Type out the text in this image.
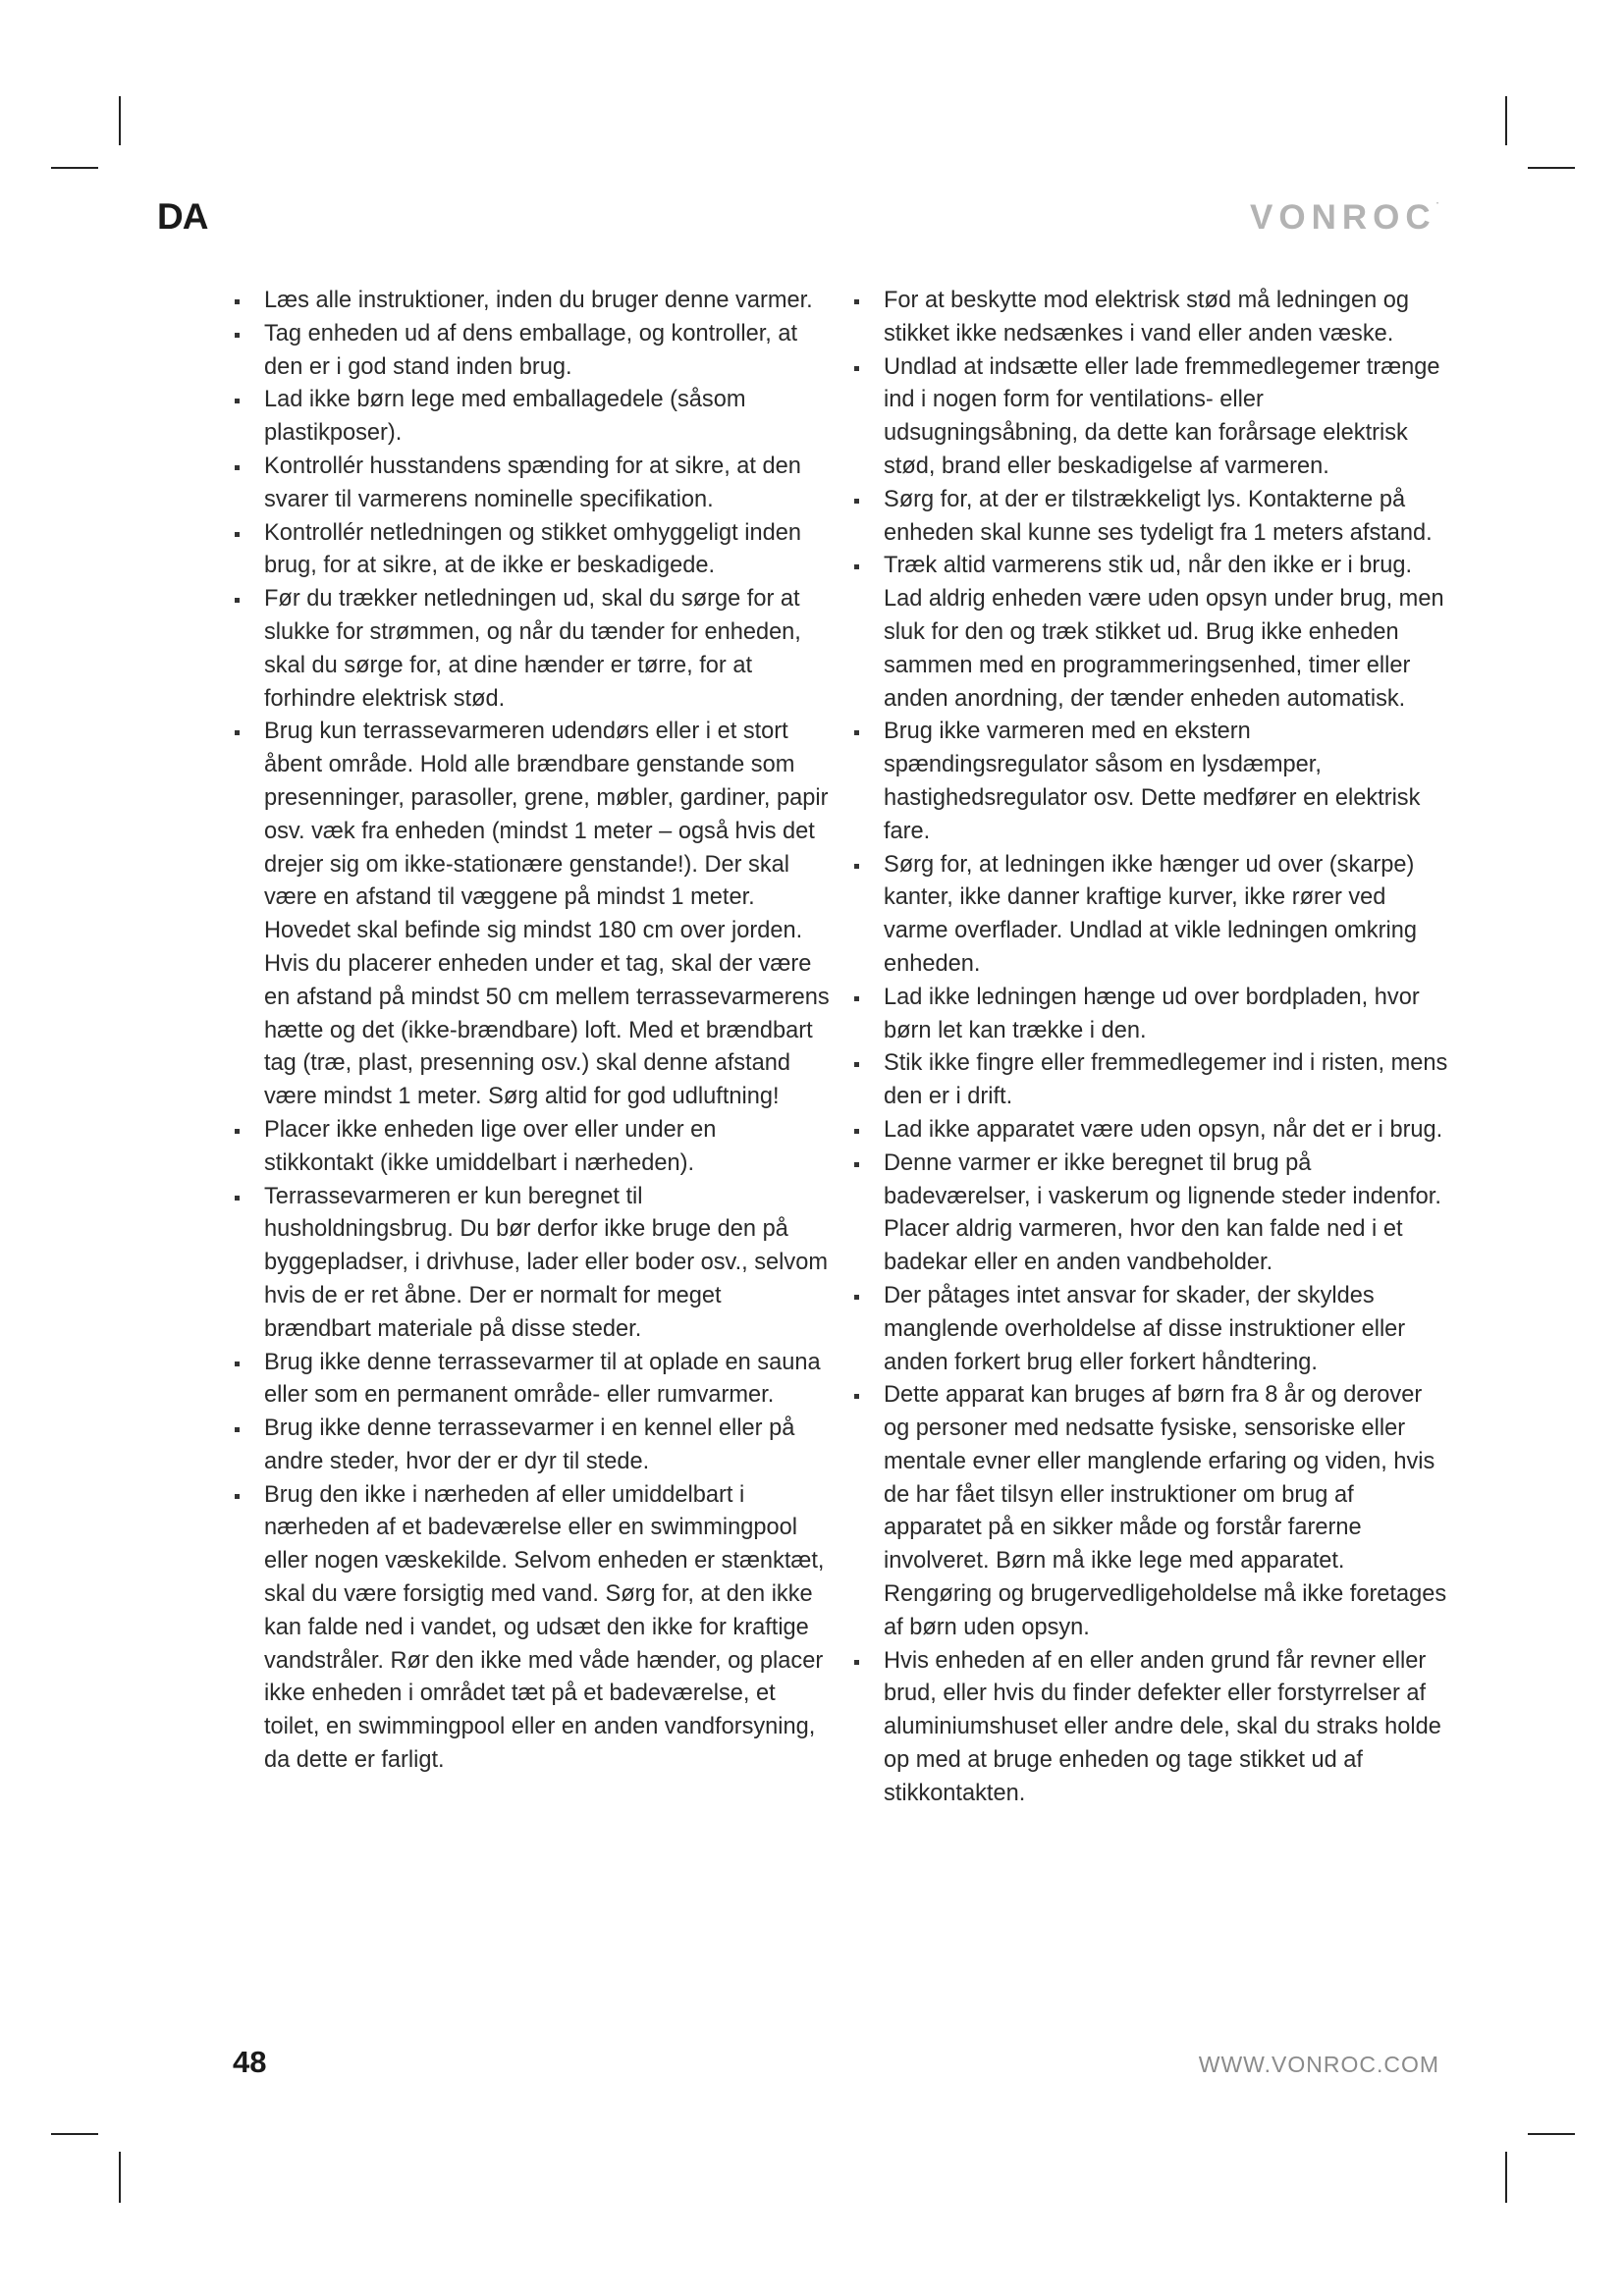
DA	VONROC·
Læs alle instruktioner, inden du bruger denne varmer.
Tag enheden ud af dens emballage, og kontroller, at den er i god stand inden brug.
Lad ikke børn lege med emballagedele (såsom plastikposer).
Kontrollér husstandens spænding for at sikre, at den svarer til varmerens nominelle specifikation.
Kontrollér netledningen og stikket omhyggeligt inden brug, for at sikre, at de ikke er beskadigede.
Før du trækker netledningen ud, skal du sørge for at slukke for strømmen, og når du tænder for enheden, skal du sørge for, at dine hænder er tørre, for at forhindre elektrisk stød.
Brug kun terrassevarmeren udendørs eller i et stort åbent område. Hold alle brændbare genstande som presenninger, parasoller, grene, møbler, gardiner, papir osv. væk fra enheden (mindst 1 meter – også hvis det drejer sig om ikke-stationære genstande!). Der skal være en afstand til væggene på mindst 1 meter. Hovedet skal befinde sig mindst 180 cm over jorden. Hvis du placerer enheden under et tag, skal der være en afstand på mindst 50 cm mellem terrassevarmerens hætte og det (ikke-brændbare) loft. Med et brændbart tag (træ, plast, presenning osv.) skal denne afstand være mindst 1 meter. Sørg altid for god udluftning!
Placer ikke enheden lige over eller under en stikkontakt (ikke umiddelbart i nærheden).
Terrassevarmeren er kun beregnet til husholdningsbrug. Du bør derfor ikke bruge den på byggepladser, i drivhuse, lader eller boder osv., selvom hvis de er ret åbne. Der er normalt for meget brændbart materiale på disse steder.
Brug ikke denne terrassevarmer til at oplade en sauna eller som en permanent område- eller rumvarmer.
Brug ikke denne terrassevarmer i en kennel eller på andre steder, hvor der er dyr til stede.
Brug den ikke i nærheden af eller umiddelbart i nærheden af et badeværelse eller en swimmingpool eller nogen væskekilde. Selvom enheden er stænktæt, skal du være forsigtig med vand. Sørg for, at den ikke kan falde ned i vandet, og udsæt den ikke for kraftige vandstråler. Rør den ikke med våde hænder, og placer ikke enheden i området tæt på et badeværelse, et toilet, en swimmingpool eller en anden vandforsyning, da dette er farligt.
For at beskytte mod elektrisk stød må ledningen og stikket ikke nedsænkes i vand eller anden væske.
Undlad at indsætte eller lade fremmedlegemer trænge ind i nogen form for ventilations- eller udsugningsåbning, da dette kan forårsage elektrisk stød, brand eller beskadigelse af varmeren.
Sørg for, at der er tilstrækkeligt lys. Kontakterne på enheden skal kunne ses tydeligt fra 1 meters afstand.
Træk altid varmerens stik ud, når den ikke er i brug. Lad aldrig enheden være uden opsyn under brug, men sluk for den og træk stikket ud. Brug ikke enheden sammen med en programmeringsenhed, timer eller anden anordning, der tænder enheden automatisk.
Brug ikke varmeren med en ekstern spændingsregulator såsom en lysdæmper, hastighedsregulator osv. Dette medfører en elektrisk fare.
Sørg for, at ledningen ikke hænger ud over (skarpe) kanter, ikke danner kraftige kurver, ikke rører ved varme overflader. Undlad at vikle ledningen omkring enheden.
Lad ikke ledningen hænge ud over bordpladen, hvor børn let kan trække i den.
Stik ikke fingre eller fremmedlegemer ind i risten, mens den er i drift.
Lad ikke apparatet være uden opsyn, når det er i brug.
Denne varmer er ikke beregnet til brug på badeværelser, i vaskerum og lignende steder indenfor. Placer aldrig varmeren, hvor den kan falde ned i et badekar eller en anden vandbeholder.
Der påtages intet ansvar for skader, der skyldes manglende overholdelse af disse instruktioner eller anden forkert brug eller forkert håndtering.
Dette apparat kan bruges af børn fra 8 år og derover og personer med nedsatte fysiske, sensoriske eller mentale evner eller manglende erfaring og viden, hvis de har fået tilsyn eller instruktioner om brug af apparatet på en sikker måde og forstår farerne involveret. Børn må ikke lege med apparatet. Rengøring og brugervedligeholdelse må ikke foretages af børn uden opsyn.
Hvis enheden af en eller anden grund får revner eller brud, eller hvis du finder defekter eller forstyrrelser af aluminiumshuset eller andre dele, skal du straks holde op med at bruge enheden og tage stikket ud af stikkontakten.
48	WWW.VONROC.COM
